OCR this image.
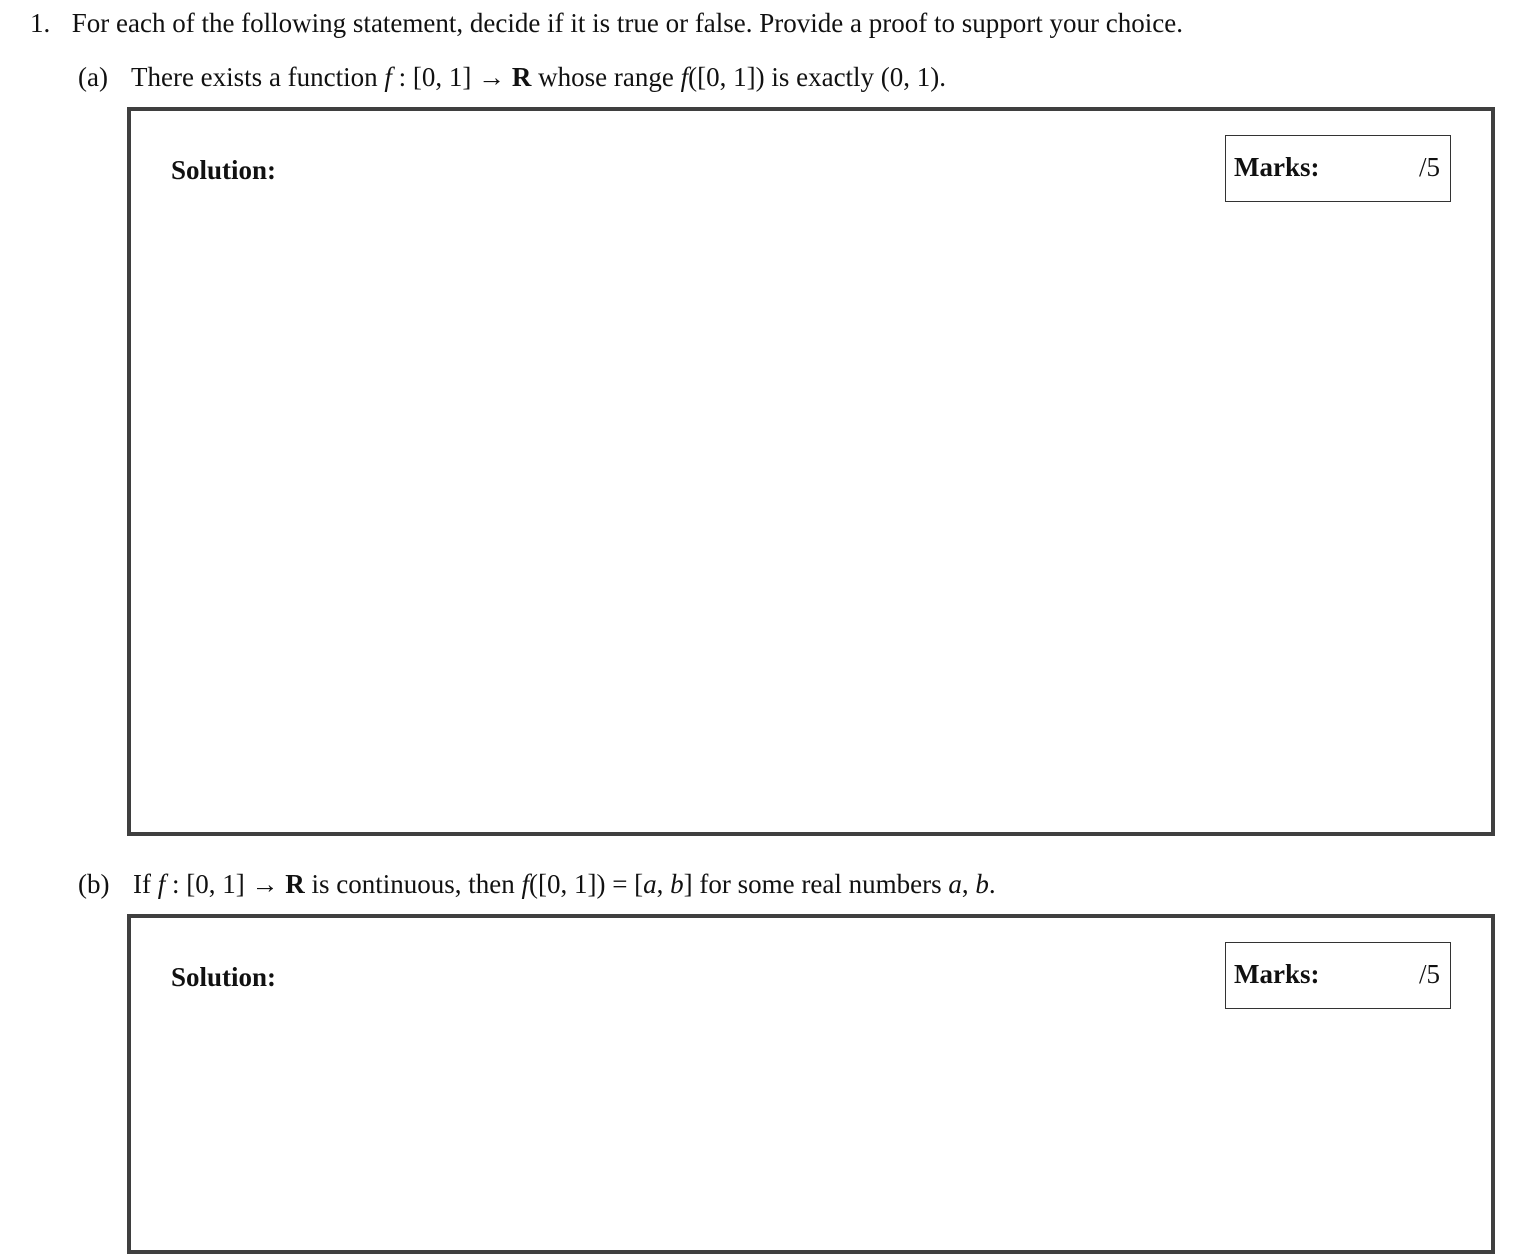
1. For each of the following statement, decide if it is true or false. Provide a proof to support your choice.
(a) There exists a function f : [0, 1] → R whose range f([0, 1]) is exactly (0, 1).
Solution:	Marks:	/5
(b) If f : [0, 1] → R is continuous, then f([0, 1]) = [a, b] for some real numbers a, b.
Solution:	Marks:	/5
